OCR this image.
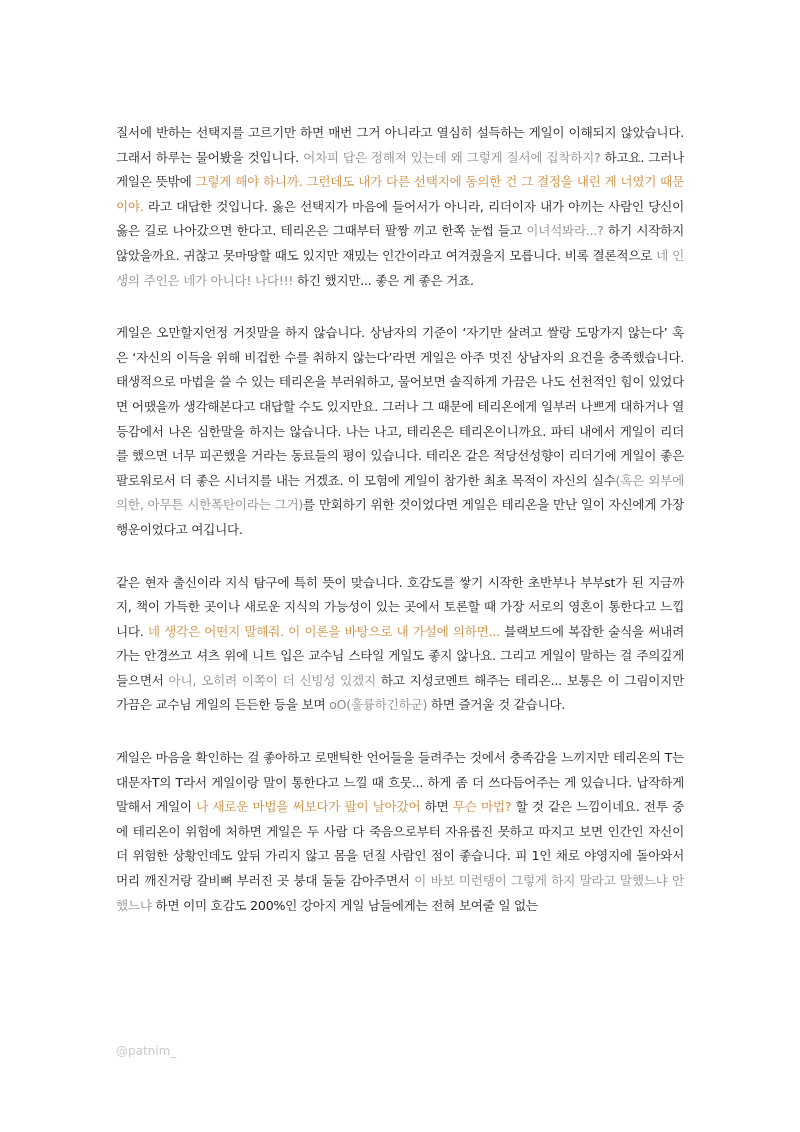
질서에 반하는 선택지를 고르기만 하면 매번 그거 아니라고 열심히 설득하는 게일이 이해되지 않았습니다. 그래서 하루는 물어봤을 것입니다. 어차피 답은 정해져 있는데 왜 그렇게 질서에 집착하지? 하고요. 그러나 게일은 뜻밖에 그렇게 해야 하니까. 그런데도 내가 다른 선택지에 동의한 건 그 결정을 내린 게 너였기 때문이야. 라고 대답한 것입니다. 옳은 선택지가 마음에 들어서가 아니라, 리더이자 내가 아끼는 사람인 당신이 옳은 길로 나아갔으면 한다고. 테리온은 그때부터 팔짱 끼고 한쪽 눈썹 들고 이녀석봐라...? 하기 시작하지 않았을까요. 귀찮고 못마땅할 때도 있지만 재밌는 인간이라고 여겨줬을지 모릅니다. 비록 결론적으로 네 인생의 주인은 네가 아니다! 나다!!! 하긴 했지만... 좋은 게 좋은 거죠.

게일은 오만할지언정 거짓말을 하지 않습니다. 상남자의 기준이 ‘자기만 살려고 쌀랑 도망가지 않는다’ 혹은 ‘자신의 이득을 위해 비겁한 수를 취하지 않는다’라면 게일은 아주 멋진 상남자의 요건을 충족했습니다. 태생적으로 마법을 쓸 수 있는 테리온을 부러워하고, 물어보면 솔직하게 가끔은 나도 선천적인 힘이 있었다면 어땠을까 생각해본다고 대답할 수도 있지만요. 그러나 그 때문에 테리온에게 일부러 나쁘게 대하거나 열등감에서 나온 심한말을 하지는 않습니다. 나는 나고, 테리온은 테리온이니까요. 파티 내에서 게일이 리더를 했으면 너무 피곤했을 거라는 동료들의 평이 있습니다. 테리온 같은 적당선성향이 리더기에 게일이 좋은 팔로워로서 더 좋은 시너지를 내는 거겠죠. 이 모험에 게일이 참가한 최초 목적이 자신의 실수(혹은 외부에 의한, 아무튼 시한폭탄이라는 그거)를 만회하기 위한 것이었다면 게일은 테리온을 만난 일이 자신에게 가장 행운이었다고 여깁니다.

같은 현자 출신이라 지식 탐구에 특히 뜻이 맞습니다. 호감도를 쌓기 시작한 초반부나 부부st가 된 지금까지, 책이 가득한 곳이나 새로운 지식의 가능성이 있는 곳에서 토론할 때 가장 서로의 영혼이 통한다고 느낍니다. 네 생각은 어떤지 말해줘. 이 이론을 바탕으로 내 가설에 의하면... 블랙보드에 복잡한 술식을 써내려가는 안경쓰고 셔츠 위에 니트 입은 교수님 스타일 게일도 좋지 않나요. 그리고 게일이 말하는 걸 주의깊게 들으면서 아니, 오히려 이쪽이 더 신빙성 있겠지 하고 지성코멘트 해주는 테리온... 보통은 이 그림이지만 가끔은 교수님 게일의 든든한 등을 보며 oO(훌륭하긴하군) 하면 즐거울 것 같습니다.

게일은 마음을 확인하는 걸 좋아하고 로맨틱한 언어들을 들려주는 것에서 충족감을 느끼지만 테리온의 T는 대문자T의 T라서 게일이랑 말이 통한다고 느낄 때 흐뭇... 하게 좀 더 쓰다듬어주는 게 있습니다. 납작하게 말해서 게일이 나 새로운 마법을 써보다가 팔이 날아갔어 하면 무슨 마법? 할 것 같은 느낌이네요. 전투 중에 테리온이 위험에 처하면 게일은 두 사람 다 죽음으로부터 자유롭진 못하고 따지고 보면 인간인 자신이 더 위험한 상황인데도 앞뒤 가리지 않고 몸을 던질 사람인 점이 좋습니다. 피 1인 채로 야영지에 돌아와서 머리 깨진거랑 갈비뼈 부러진 곳 붕대 둘둘 감아주면서 이 바보 미련탱이 그렇게 하지 말라고 말했느냐 안했느냐 하면 이미 호감도 200%인 강아지 게일 남들에게는 전혀 보여줄 일 없는

@patnim_
